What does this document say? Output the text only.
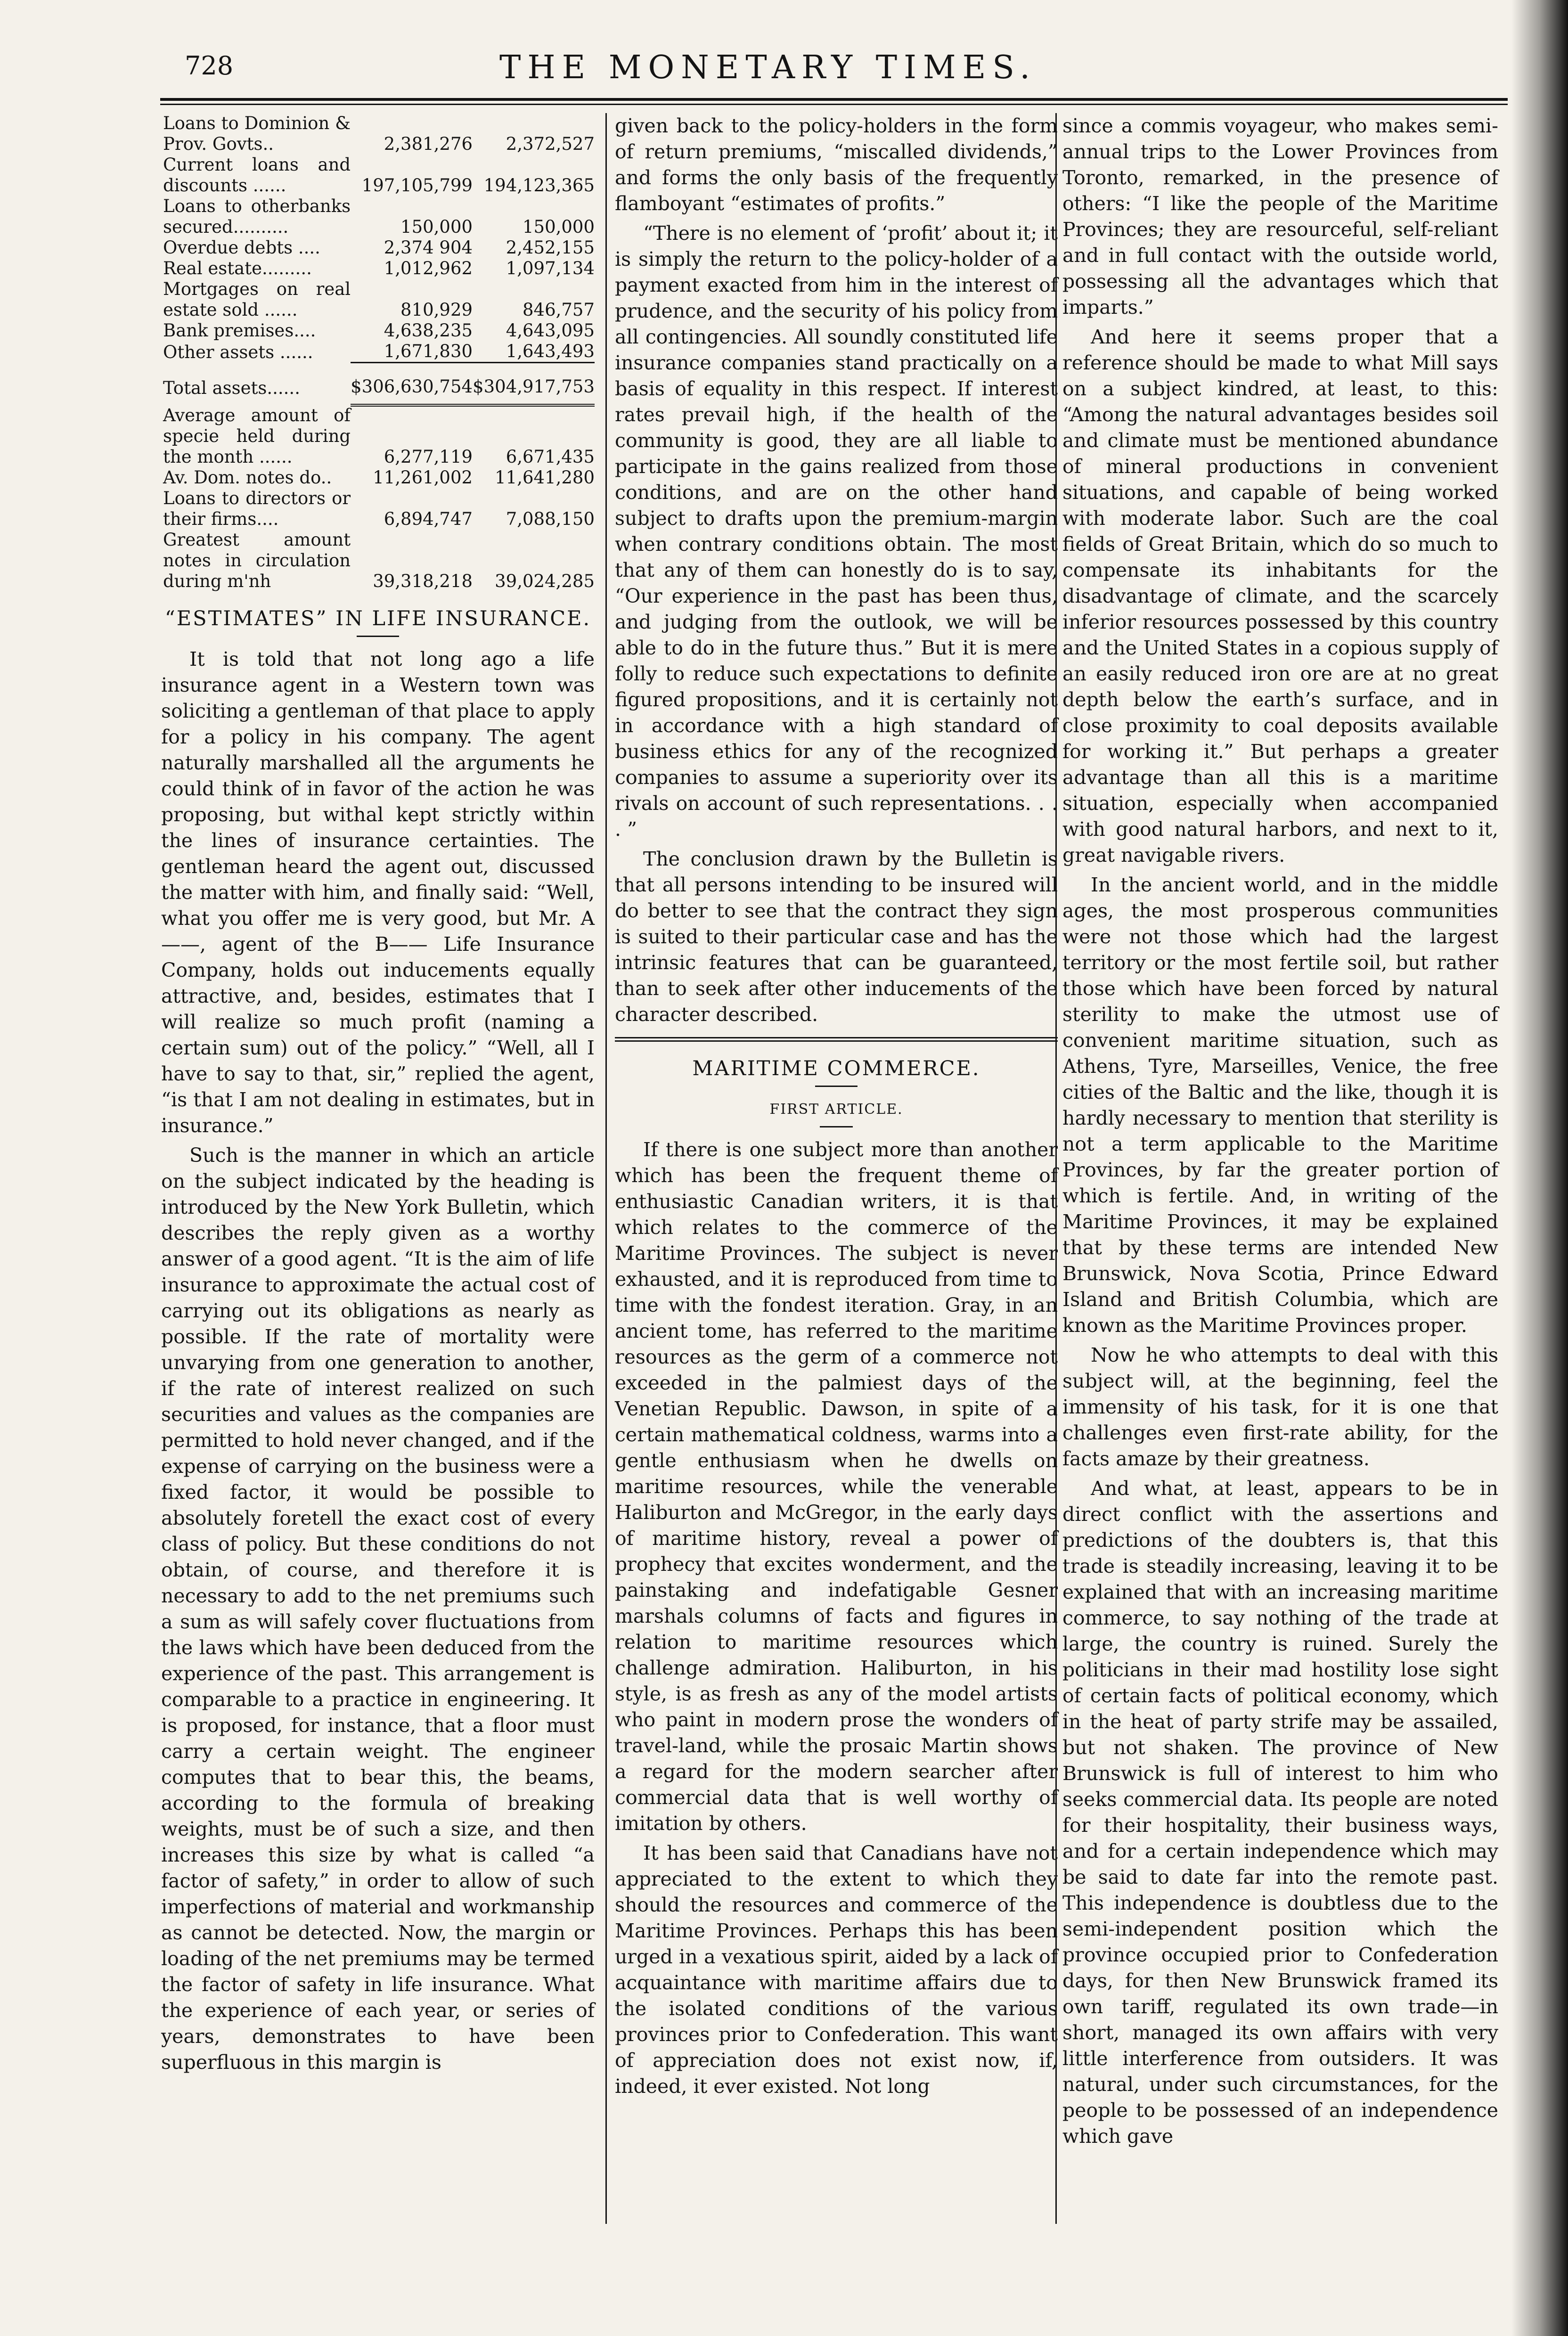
728	THE MONETARY TIMES.
Loans to Dominion & Prov. Govts..	2,381,276	2,372,527
Current loans and discounts ......	197,105,799	194,123,365
Loans to otherbanks secured..........	150,000	150,000
Overdue debts ....	2,374 904	2,452,155
Real estate.........	1,012,962	1,097,134
Mortgages on real estate sold ......	810,929	846,757
Bank premises....	4,638,235	4,643,095
Other assets ......	1,671,830	1,643,493
Total assets......	$306,630,754	$304,917,753
Average amount of specie held during the month ......	6,277,119	6,671,435
Av. Dom. notes do..	11,261,002	11,641,280
Loans to directors or their firms....	6,894,747	7,088,150
Greatest amount notes in circulation during m'nh	39,318,218	39,024,285
“ESTIMATES” IN LIFE INSURANCE.

It is told that not long ago a life insurance agent in a Western town was soliciting a gentleman of that place to apply for a policy in his company. The agent naturally marshalled all the arguments he could think of in favor of the action he was proposing, but withal kept strictly within the lines of insurance certainties. The gentleman heard the agent out, discussed the matter with him, and finally said: “Well, what you offer me is very good, but Mr. A——, agent of the B—— Life Insurance Company, holds out inducements equally attractive, and, besides, estimates that I will realize so much profit (naming a certain sum) out of the policy.” “Well, all I have to say to that, sir,” replied the agent, “is that I am not dealing in estimates, but in insurance.”

Such is the manner in which an article on the subject indicated by the heading is introduced by the New York Bulletin, which describes the reply given as a worthy answer of a good agent. “It is the aim of life insurance to approximate the actual cost of carrying out its obligations as nearly as possible. If the rate of mortality were unvarying from one generation to another, if the rate of interest realized on such securities and values as the companies are permitted to hold never changed, and if the expense of carrying on the business were a fixed factor, it would be possible to absolutely foretell the exact cost of every class of policy. But these conditions do not obtain, of course, and therefore it is necessary to add to the net premiums such a sum as will safely cover fluctuations from the laws which have been deduced from the experience of the past. This arrangement is comparable to a practice in engineering. It is proposed, for instance, that a floor must carry a certain weight. The engineer computes that to bear this, the beams, according to the formula of breaking weights, must be of such a size, and then increases this size by what is called “a factor of safety,” in order to allow of such imperfections of material and workmanship as cannot be detected. Now, the margin or loading of the net premiums may be termed the factor of safety in life insurance. What the experience of each year, or series of years, demonstrates to have been superfluous in this margin is

given back to the policy-holders in the form of return premiums, “miscalled dividends,” and forms the only basis of the frequently flamboyant “estimates of profits.”

“There is no element of ‘profit’ about it; it is simply the return to the policy-holder of a payment exacted from him in the interest of prudence, and the security of his policy from all contingencies. All soundly constituted life insurance companies stand practically on a basis of equality in this respect. If interest rates prevail high, if the health of the community is good, they are all liable to participate in the gains realized from those conditions, and are on the other hand subject to drafts upon the premium-margin when contrary conditions obtain. The most that any of them can honestly do is to say, “Our experience in the past has been thus, and judging from the outlook, we will be able to do in the future thus.” But it is mere folly to reduce such expectations to definite figured propositions, and it is certainly not in accordance with a high standard of business ethics for any of the recognized companies to assume a superiority over its rivals on account of such representations. . . . ”

The conclusion drawn by the Bulletin is that all persons intending to be insured will do better to see that the contract they sign is suited to their particular case and has the intrinsic features that can be guaranteed, than to seek after other inducements of the character described.

MARITIME COMMERCE.
FIRST ARTICLE.

If there is one subject more than another which has been the frequent theme of enthusiastic Canadian writers, it is that which relates to the commerce of the Maritime Provinces. The subject is never exhausted, and it is reproduced from time to time with the fondest iteration. Gray, in an ancient tome, has referred to the maritime resources as the germ of a commerce not exceeded in the palmiest days of the Venetian Republic. Dawson, in spite of a certain mathematical coldness, warms into a gentle enthusiasm when he dwells on maritime resources, while the venerable Haliburton and McGregor, in the early days of maritime history, reveal a power of prophecy that excites wonderment, and the painstaking and indefatigable Gesner marshals columns of facts and figures in relation to maritime resources which challenge admiration. Haliburton, in his style, is as fresh as any of the model artists who paint in modern prose the wonders of travel-land, while the prosaic Martin shows a regard for the modern searcher after commercial data that is well worthy of imitation by others.

It has been said that Canadians have not appreciated to the extent to which they should the resources and commerce of the Maritime Provinces. Perhaps this has been urged in a vexatious spirit, aided by a lack of acquaintance with maritime affairs due to the isolated conditions of the various provinces prior to Confederation. This want of appreciation does not exist now, if, indeed, it ever existed. Not long

since a commis voyageur, who makes semi-annual trips to the Lower Provinces from Toronto, remarked, in the presence of others: “I like the people of the Maritime Provinces; they are resourceful, self-reliant and in full contact with the outside world, possessing all the advantages which that imparts.”

And here it seems proper that a reference should be made to what Mill says on a subject kindred, at least, to this: “Among the natural advantages besides soil and climate must be mentioned abundance of mineral productions in convenient situations, and capable of being worked with moderate labor. Such are the coal fields of Great Britain, which do so much to compensate its inhabitants for the disadvantage of climate, and the scarcely inferior resources possessed by this country and the United States in a copious supply of an easily reduced iron ore are at no great depth below the earth’s surface, and in close proximity to coal deposits available for working it.” But perhaps a greater advantage than all this is a maritime situation, especially when accompanied with good natural harbors, and next to it, great navigable rivers.

In the ancient world, and in the middle ages, the most prosperous communities were not those which had the largest territory or the most fertile soil, but rather those which have been forced by natural sterility to make the utmost use of convenient maritime situation, such as Athens, Tyre, Marseilles, Venice, the free cities of the Baltic and the like, though it is hardly necessary to mention that sterility is not a term applicable to the Maritime Provinces, by far the greater portion of which is fertile. And, in writing of the Maritime Provinces, it may be explained that by these terms are intended New Brunswick, Nova Scotia, Prince Edward Island and British Columbia, which are known as the Maritime Provinces proper.

Now he who attempts to deal with this subject will, at the beginning, feel the immensity of his task, for it is one that challenges even first-rate ability, for the facts amaze by their greatness.

And what, at least, appears to be in direct conflict with the assertions and predictions of the doubters is, that this trade is steadily increasing, leaving it to be explained that with an increasing maritime commerce, to say nothing of the trade at large, the country is ruined. Surely the politicians in their mad hostility lose sight of certain facts of political economy, which in the heat of party strife may be assailed, but not shaken. The province of New Brunswick is full of interest to him who seeks commercial data. Its people are noted for their hospitality, their business ways, and for a certain independence which may be said to date far into the remote past. This independence is doubtless due to the semi-independent position which the province occupied prior to Confederation days, for then New Brunswick framed its own tariff, regulated its own trade—in short, managed its own affairs with very little interference from outsiders. It was natural, under such circumstances, for the people to be possessed of an independence which gave
